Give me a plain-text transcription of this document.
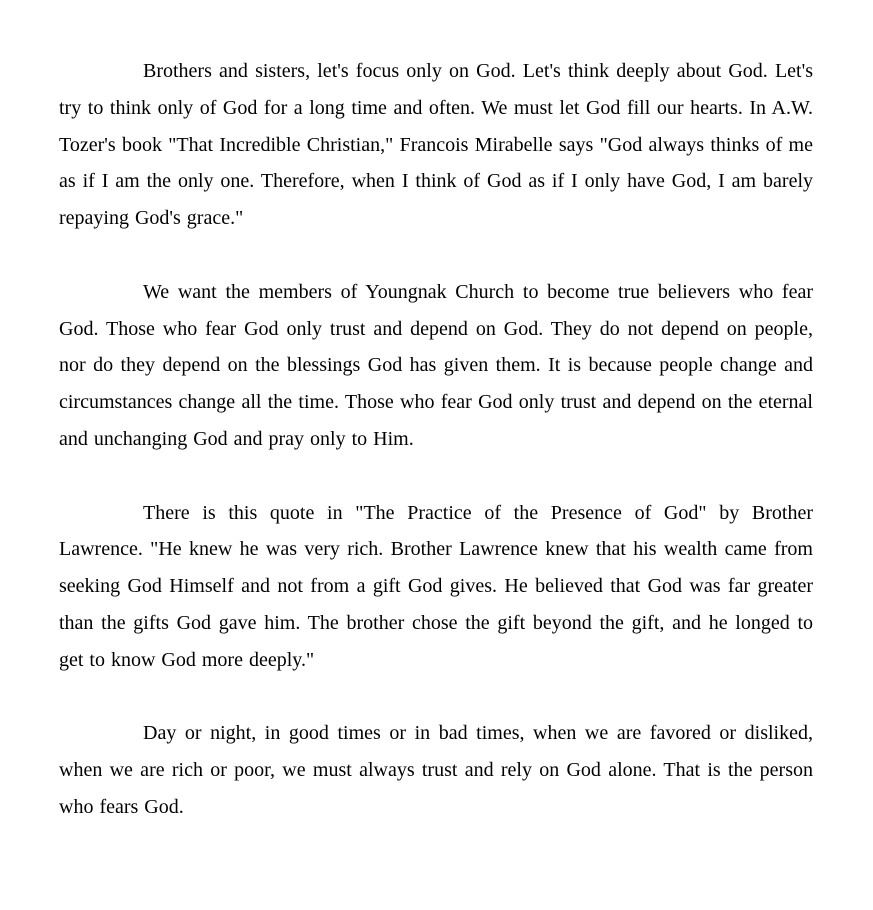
Brothers and sisters, let's focus only on God. Let's think deeply about God. Let's try to think only of God for a long time and often. We must let God fill our hearts. In A.W. Tozer's book "That Incredible Christian," Francois Mirabelle says "God always thinks of me as if I am the only one. Therefore, when I think of God as if I only have God, I am barely repaying God's grace."

We want the members of Youngnak Church to become true believers who fear God. Those who fear God only trust and depend on God. They do not depend on people, nor do they depend on the blessings God has given them. It is because people change and circumstances change all the time. Those who fear God only trust and depend on the eternal and unchanging God and pray only to Him.

There is this quote in "The Practice of the Presence of God" by Brother Lawrence. "He knew he was very rich. Brother Lawrence knew that his wealth came from seeking God Himself and not from a gift God gives. He believed that God was far greater than the gifts God gave him. The brother chose the gift beyond the gift, and he longed to get to know God more deeply."

Day or night, in good times or in bad times, when we are favored or disliked, when we are rich or poor, we must always trust and rely on God alone. That is the person who fears God.
